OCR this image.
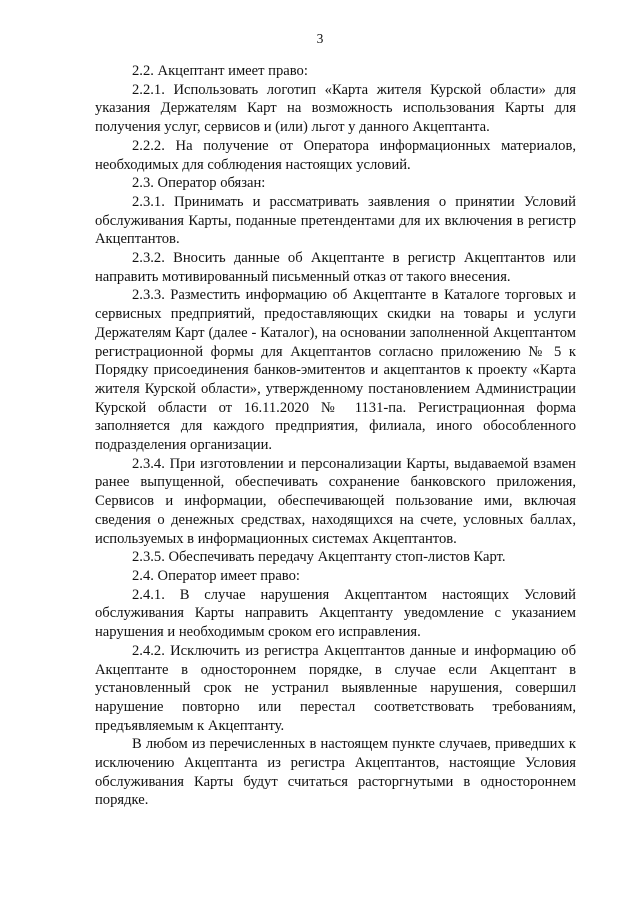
3

2.2. Акцептант имеет право:

2.2.1. Использовать логотип «Карта жителя Курской области» для указания Держателям Карт на возможность использования Карты для получения услуг, сервисов и (или) льгот у данного Акцептанта.

2.2.2. На получение от Оператора информационных материалов, необходимых для соблюдения настоящих условий.

2.3. Оператор обязан:

2.3.1. Принимать и рассматривать заявления о принятии Условий обслуживания Карты, поданные претендентами для их включения в регистр Акцептантов.

2.3.2. Вносить данные об Акцептанте в регистр Акцептантов или направить мотивированный письменный отказ от такого внесения.

2.3.3. Разместить информацию об Акцептанте в Каталоге торговых и сервисных предприятий, предоставляющих скидки на товары и услуги Держателям Карт (далее - Каталог), на основании заполненной Акцептантом регистрационной формы для Акцептантов согласно приложению № 5 к Порядку присоединения банков-эмитентов и акцептантов к проекту «Карта жителя Курской области», утвержденному постановлением Администрации Курской области от 16.11.2020 № 1131-па. Регистрационная форма заполняется для каждого предприятия, филиала, иного обособленного подразделения организации.

2.3.4. При изготовлении и персонализации Карты, выдаваемой взамен ранее выпущенной, обеспечивать сохранение банковского приложения, Сервисов и информации, обеспечивающей пользование ими, включая сведения о денежных средствах, находящихся на счете, условных баллах, используемых в информационных системах Акцептантов.

2.3.5. Обеспечивать передачу Акцептанту стоп-листов Карт.

2.4. Оператор имеет право:

2.4.1. В случае нарушения Акцептантом настоящих Условий обслуживания Карты направить Акцептанту уведомление с указанием нарушения и необходимым сроком его исправления.

2.4.2. Исключить из регистра Акцептантов данные и информацию об Акцептанте в одностороннем порядке, в случае если Акцептант в установленный срок не устранил выявленные нарушения, совершил нарушение повторно или перестал соответствовать требованиям, предъявляемым к Акцептанту.

В любом из перечисленных в настоящем пункте случаев, приведших к исключению Акцептанта из регистра Акцептантов, настоящие Условия обслуживания Карты будут считаться расторгнутыми в одностороннем порядке.
